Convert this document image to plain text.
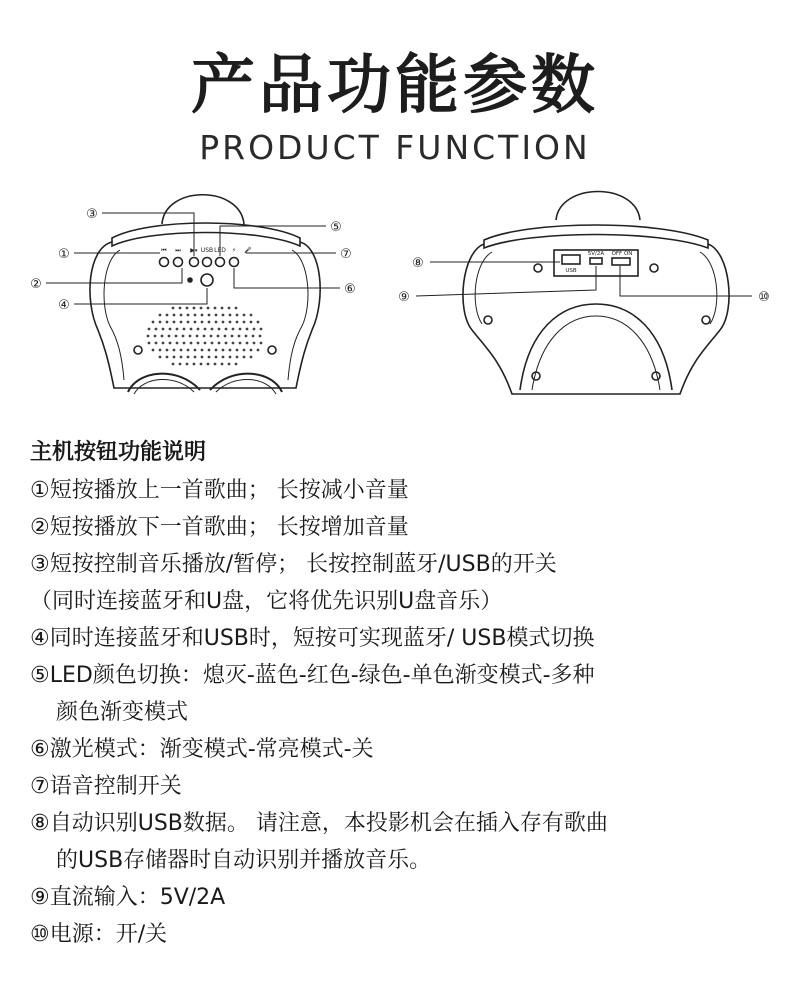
产品功能参数
PRODUCT FUNCTION
⏮ ⏭ ▶⏸ USB LED ⚡ 🎤
①
②
③
④
⑤
⑥
⑦
USB
5V/2A OFF ON
⑧
⑨	⑩
主机按钮功能说明
①短按播放上一首歌曲； 长按减小音量
②短按播放下一首歌曲； 长按增加音量
③短按控制音乐播放/暂停； 长按控制蓝牙/USB的开关
（同时连接蓝牙和U盘，它将优先识别U盘音乐）
④同时连接蓝牙和USB时，短按可实现蓝牙/ USB模式切换
⑤LED颜色切换：熄灭-蓝色-红色-绿色-单色渐变模式-多种
颜色渐变模式
⑥激光模式：渐变模式-常亮模式-关
⑦语音控制开关
⑧自动识别USB数据。 请注意，本投影机会在插入存有歌曲
的USB存储器时自动识别并播放音乐。
⑨直流输入：5V/2A
⑩电源：开/关
